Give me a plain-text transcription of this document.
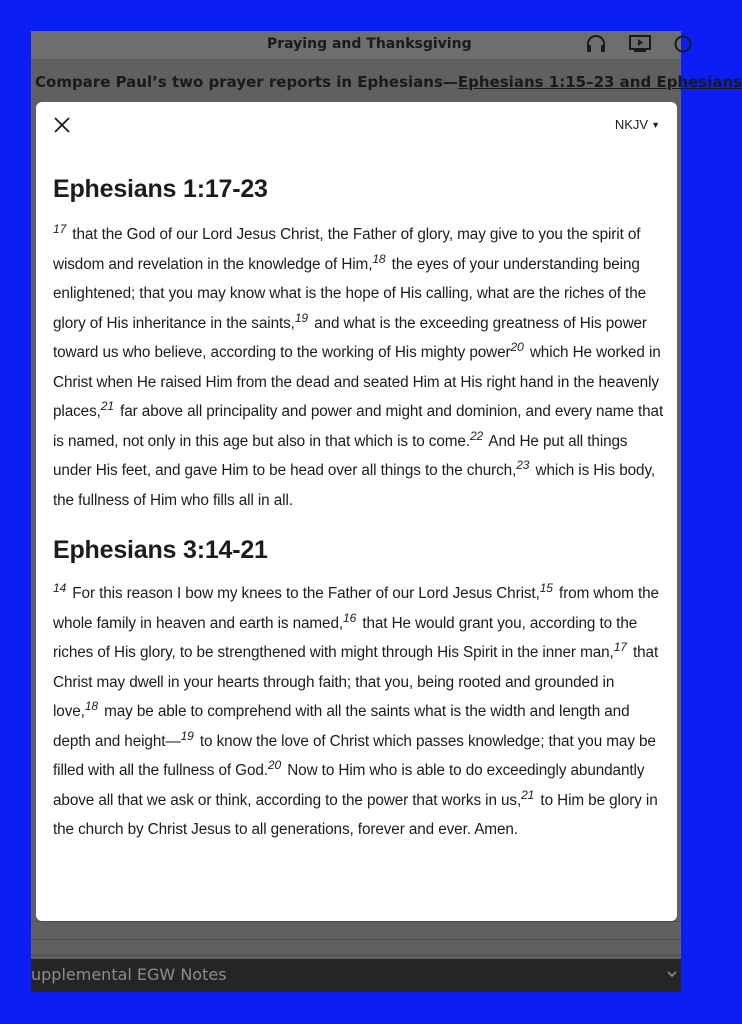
Praying and Thanksgiving
Compare Paul’s two prayer reports in Ephesians—Ephesians 1:15–23 and Ephesians
upplemental EGW Notes
NKJV ▼
Ephesians 1:17-23

$^{17}$ that the God of our Lord Jesus Christ, the Father of glory, may give to you the spirit of wisdom and revelation in the knowledge of Him,$^{18}$ the eyes of your understanding being enlightened; that you may know what is the hope of His calling, what are the riches of the glory of His inheritance in the saints,$^{19}$ and what is the exceeding greatness of His power toward us who believe, according to the working of His mighty power$^{20}$ which He worked in Christ when He raised Him from the dead and seated Him at His right hand in the heavenly places,$^{21}$ far above all principality and power and might and dominion, and every name that is named, not only in this age but also in that which is to come.$^{22}$ And He put all things under His feet, and gave Him to be head over all things to the church,$^{23}$ which is His body, the fullness of Him who fills all in all.

Ephesians 3:14-21

$^{14}$ For this reason I bow my knees to the Father of our Lord Jesus Christ,$^{15}$ from whom the whole family in heaven and earth is named,$^{16}$ that He would grant you, according to the riches of His glory, to be strengthened with might through His Spirit in the inner man,$^{17}$ that Christ may dwell in your hearts through faith; that you, being rooted and grounded in love,$^{18}$ may be able to comprehend with all the saints what is the width and length and depth and height—$^{19}$ to know the love of Christ which passes knowledge; that you may be filled with all the fullness of God.$^{20}$ Now to Him who is able to do exceedingly abundantly above all that we ask or think, according to the power that works in us,$^{21}$ to Him be glory in the church by Christ Jesus to all generations, forever and ever. Amen.
